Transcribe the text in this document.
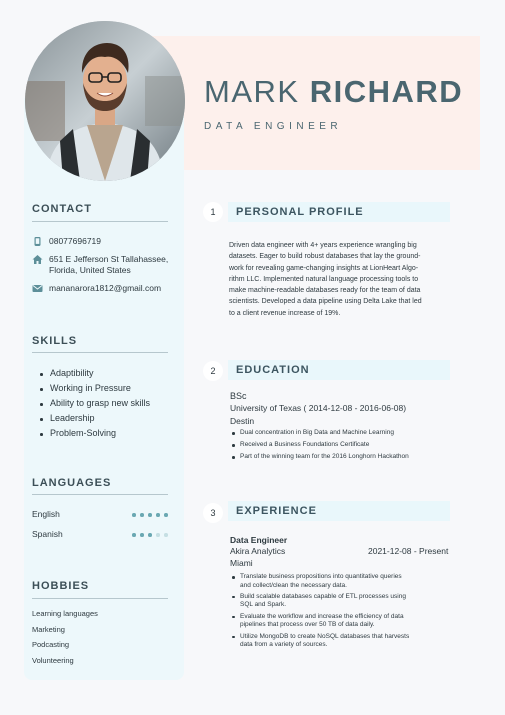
MARK RICHARD
DATA ENGINEER
CONTACT
08077696719
651 E Jefferson St Tallahassee, Florida, United States
mananarora1812@gmail.com
SKILLS
Adaptibility
Working in Pressure
Ability to grasp new skills
Leadership
Problem-Solving
LANGUAGES
English
Spanish
HOBBIES
Learning languages
Marketing
Podcasting
Volunteering
1	PERSONAL PROFILE
Driven data engineer with 4+ years experience wrangling big
datasets. Eager to build robust databases that lay the ground-
work for revealing game-changing insights at LionHeart Algo-
rithm LLC. Implemented natural language processing tools to
make machine-readable databases ready for the team of data
scientists. Developed a data pipeline using Delta Lake that led
to a client revenue increase of 19%.
2	EDUCATION
BSc
University of Texas ( 2014-12-08 - 2016-06-08)
Destin
Dual concentration in Big Data and Machine Learning
Received a Business Foundations Certificate
Part of the winning team for the 2016 Longhorn Hackathon
3	EXPERIENCE
Data Engineer
Akira Analytics	2021-12-08 - Present
Miami
Translate business propositions into quantitative queries
and collect/clean the necessary data.
Build scalable databases capable of ETL processes using
SQL and Spark.
Evaluate the workflow and increase the efficiency of data
pipelines that process over 50 TB of data daily.
Utilize MongoDB to create NoSQL databases that harvests
data from a variety of sources.
